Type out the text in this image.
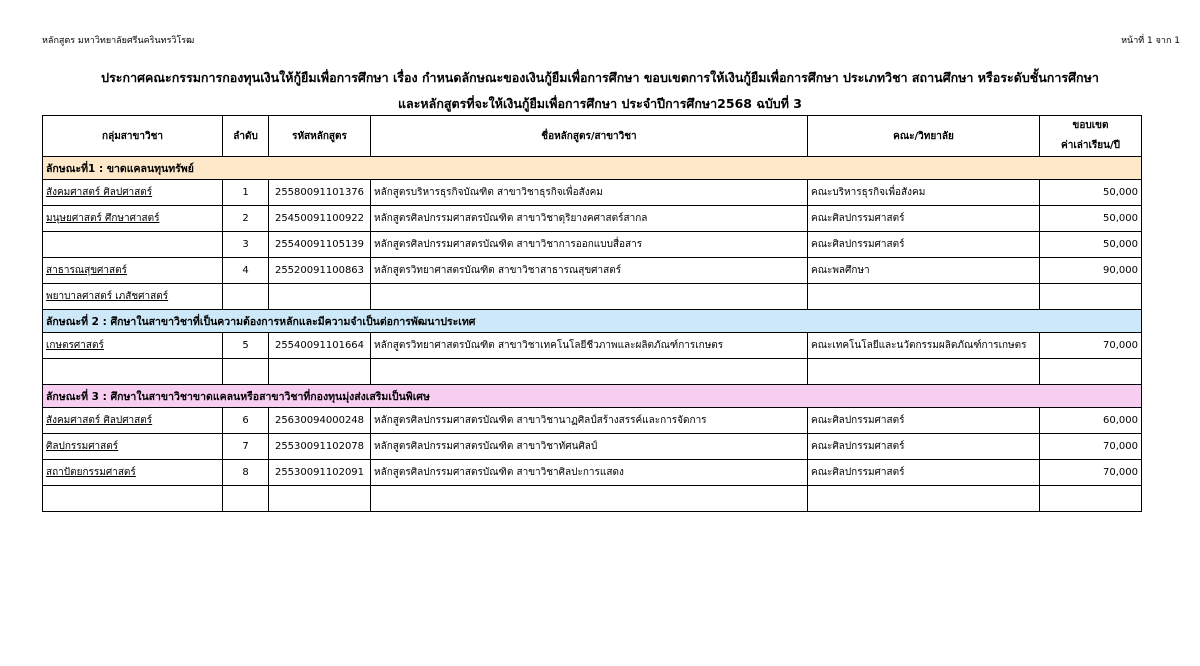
หลักสูตร มหาวิทยาลัยศรีนครินทรวิโรฒ	หน้าที่ 1 จาก 1
ประกาศคณะกรรมการกองทุนเงินให้กู้ยืมเพื่อการศึกษา เรื่อง กำหนดลักษณะของเงินกู้ยืมเพื่อการศึกษา ขอบเขตการให้เงินกู้ยืมเพื่อการศึกษา ประเภทวิชา สถานศึกษา หรือระดับชั้นการศึกษา
และหลักสูตรที่จะให้เงินกู้ยืมเพื่อการศึกษา ประจำปีการศึกษา2568 ฉบับที่ 3
กลุ่มสาขาวิชา	ลำดับ	รหัสหลักสูตร	ชื่อหลักสูตร/สาขาวิชา	คณะ/วิทยาลัย	ขอบเขต
ค่าเล่าเรียน/ปี

ลักษณะที่1 : ขาดแคลนทุนทรัพย์					
สังคมศาสตร์ ศิลปศาสตร์	1	25580091101376	หลักสูตรบริหารธุรกิจบัณฑิต สาขาวิชาธุรกิจเพื่อสังคม	คณะบริหารธุรกิจเพื่อสังคม	50,000
มนุษยศาสตร์ ศึกษาศาสตร์	2	25450091100922	หลักสูตรศิลปกรรมศาสตรบัณฑิต สาขาวิชาดุริยางคศาสตร์สากล	คณะศิลปกรรมศาสตร์	50,000
	3	25540091105139	หลักสูตรศิลปกรรมศาสตรบัณฑิต สาขาวิชาการออกแบบสื่อสาร	คณะศิลปกรรมศาสตร์	50,000
สาธารณสุขศาสตร์	4	25520091100863	หลักสูตรวิทยาศาสตรบัณฑิต สาขาวิชาสาธารณสุขศาสตร์	คณะพลศึกษา	90,000
พยาบาลศาสตร์ เภสัชศาสตร์					
ลักษณะที่ 2 : ศึกษาในสาขาวิชาที่เป็นความต้องการหลักและมีความจำเป็นต่อการพัฒนาประเทศ					
เกษตรศาสตร์	5	25540091101664	หลักสูตรวิทยาศาสตรบัณฑิต สาขาวิชาเทคโนโลยีชีวภาพและผลิตภัณฑ์การเกษตร	คณะเทคโนโลยีและนวัตกรรมผลิตภัณฑ์การเกษตร	70,000

ลักษณะที่ 3 : ศึกษาในสาขาวิชาขาดแคลนหรือสาขาวิชาที่กองทุนมุ่งส่งเสริมเป็นพิเศษ					
สังคมศาสตร์ ศิลปศาสตร์	6	25630094000248	หลักสูตรศิลปกรรมศาสตรบัณฑิต สาขาวิชานาฏศิลป์สร้างสรรค์และการจัดการ	คณะศิลปกรรมศาสตร์	60,000
ศิลปกรรมศาสตร์	7	25530091102078	หลักสูตรศิลปกรรมศาสตรบัณฑิต สาขาวิชาทัศนศิลป์	คณะศิลปกรรมศาสตร์	70,000
สถาปัตยกรรมศาสตร์	8	25530091102091	หลักสูตรศิลปกรรมศาสตรบัณฑิต สาขาวิชาศิลปะการแสดง	คณะศิลปกรรมศาสตร์	70,000
